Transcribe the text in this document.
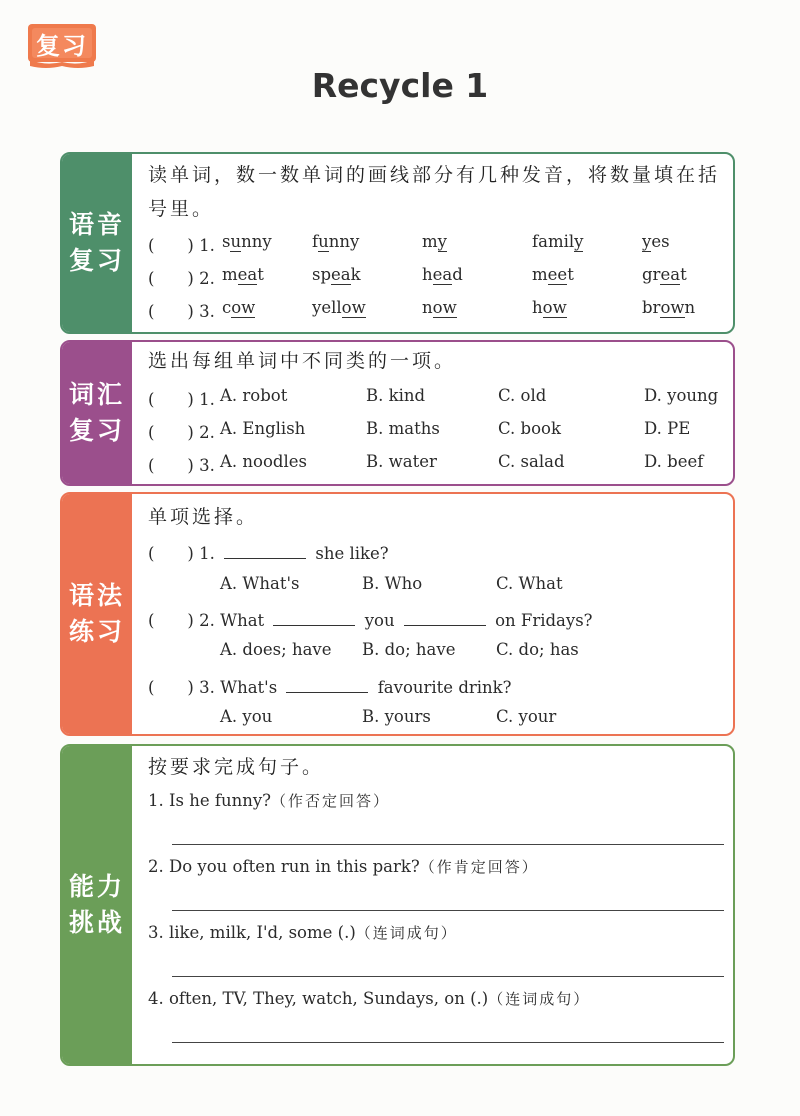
复习
Recycle 1
语音复习
读单词，数一数单词的画线部分有几种发音，将数量填在括号里。
(　　) 1. sunny funny	my	family	yes
(　　) 2. meat	speak	head	meet	great
(　　) 3. cow	yellow	now	how	brown
词汇复习
选出每组单词中不同类的一项。
(　　) 1. A. robot	B. kind	C. old	D. young
(　　) 2. A. English	B. maths	C. book	D. PE
(　　) 3. A. noodles	B. water	C. salad	D. beef
语法练习
单项选择。
(　　) 1.	she like?
A. What's	B. Who	C. What
(　　) 2. What	you	on Fridays?
A. does; have B. do; have C. do; has
(　　) 3. What's	favourite drink?
A. you	B. yours	C. your
能力挑战
按要求完成句子。
1. Is he funny?（作否定回答）
2. Do you often run in this park?（作肯定回答）
3. like, milk, I'd, some (.)（连词成句）
4. often, TV, They, watch, Sundays, on (.)（连词成句）
